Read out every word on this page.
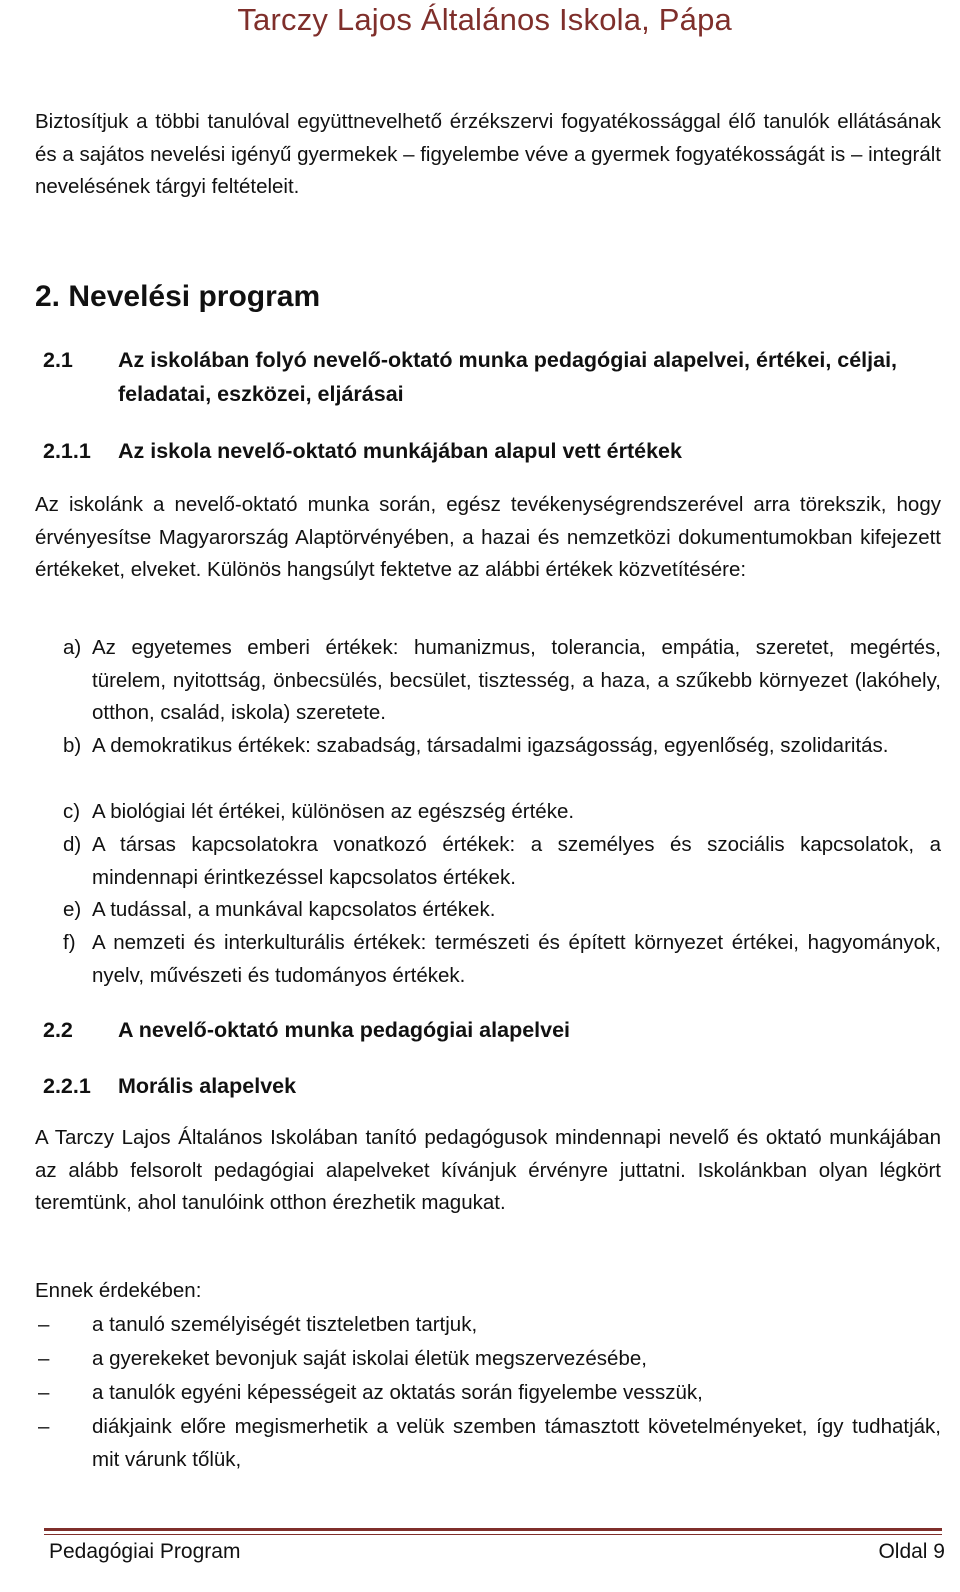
Tarczy Lajos Általános Iskola, Pápa

Biztosítjuk a többi tanulóval együttnevelhető érzékszervi fogyatékossággal élő tanulók ellátásának és a sajátos nevelési igényű gyermekek – figyelembe véve a gyermek fogyatékosságát is – integrált nevelésének tárgyi feltételeit.

2. Nevelési program
2.1 Az iskolában folyó nevelő-oktató munka pedagógiai alapelvei, értékei, céljai, feladatai, eszközei, eljárásai
2.1.1 Az iskola nevelő-oktató munkájában alapul vett értékek

Az iskolánk a nevelő-oktató munka során, egész tevékenységrendszerével arra törekszik, hogy érvényesítse Magyarország Alaptörvényében, a hazai és nemzetközi dokumentumokban kifejezett értékeket, elveket. Különös hangsúlyt fektetve az alábbi értékek közvetítésére:

a) Az egyetemes emberi értékek: humanizmus, tolerancia, empátia, szeretet, megértés, türelem, nyitottság, önbecsülés, becsület, tisztesség, a haza, a szűkebb környezet (lakóhely, otthon, család, iskola) szeretete.
b) A demokratikus értékek: szabadság, társadalmi igazságosság, egyenlőség, szolidaritás.
c) A biológiai lét értékei, különösen az egészség értéke.
d) A társas kapcsolatokra vonatkozó értékek: a személyes és szociális kapcsolatok, a mindennapi érintkezéssel kapcsolatos értékek.
e) A tudással, a munkával kapcsolatos értékek.
f) A nemzeti és interkulturális értékek: természeti és épített környezet értékei, hagyományok, nyelv, művészeti és tudományos értékek.
2.2 A nevelő-oktató munka pedagógiai alapelvei
2.2.1 Morális alapelvek

A Tarczy Lajos Általános Iskolában tanító pedagógusok mindennapi nevelő és oktató munkájában az alább felsorolt pedagógiai alapelveket kívánjuk érvényre juttatni. Iskolánkban olyan légkört teremtünk, ahol tanulóink otthon érezhetik magukat.

Ennek érdekében:

– a tanuló személyiségét tiszteletben tartjuk,
– a gyerekeket bevonjuk saját iskolai életük megszervezésébe,
– a tanulók egyéni képességeit az oktatás során figyelembe vesszük,
– diákjaink előre megismerhetik a velük szemben támasztott követelményeket, így tudhatják, mit várunk tőlük,
Pedagógiai Program	Oldal 9
